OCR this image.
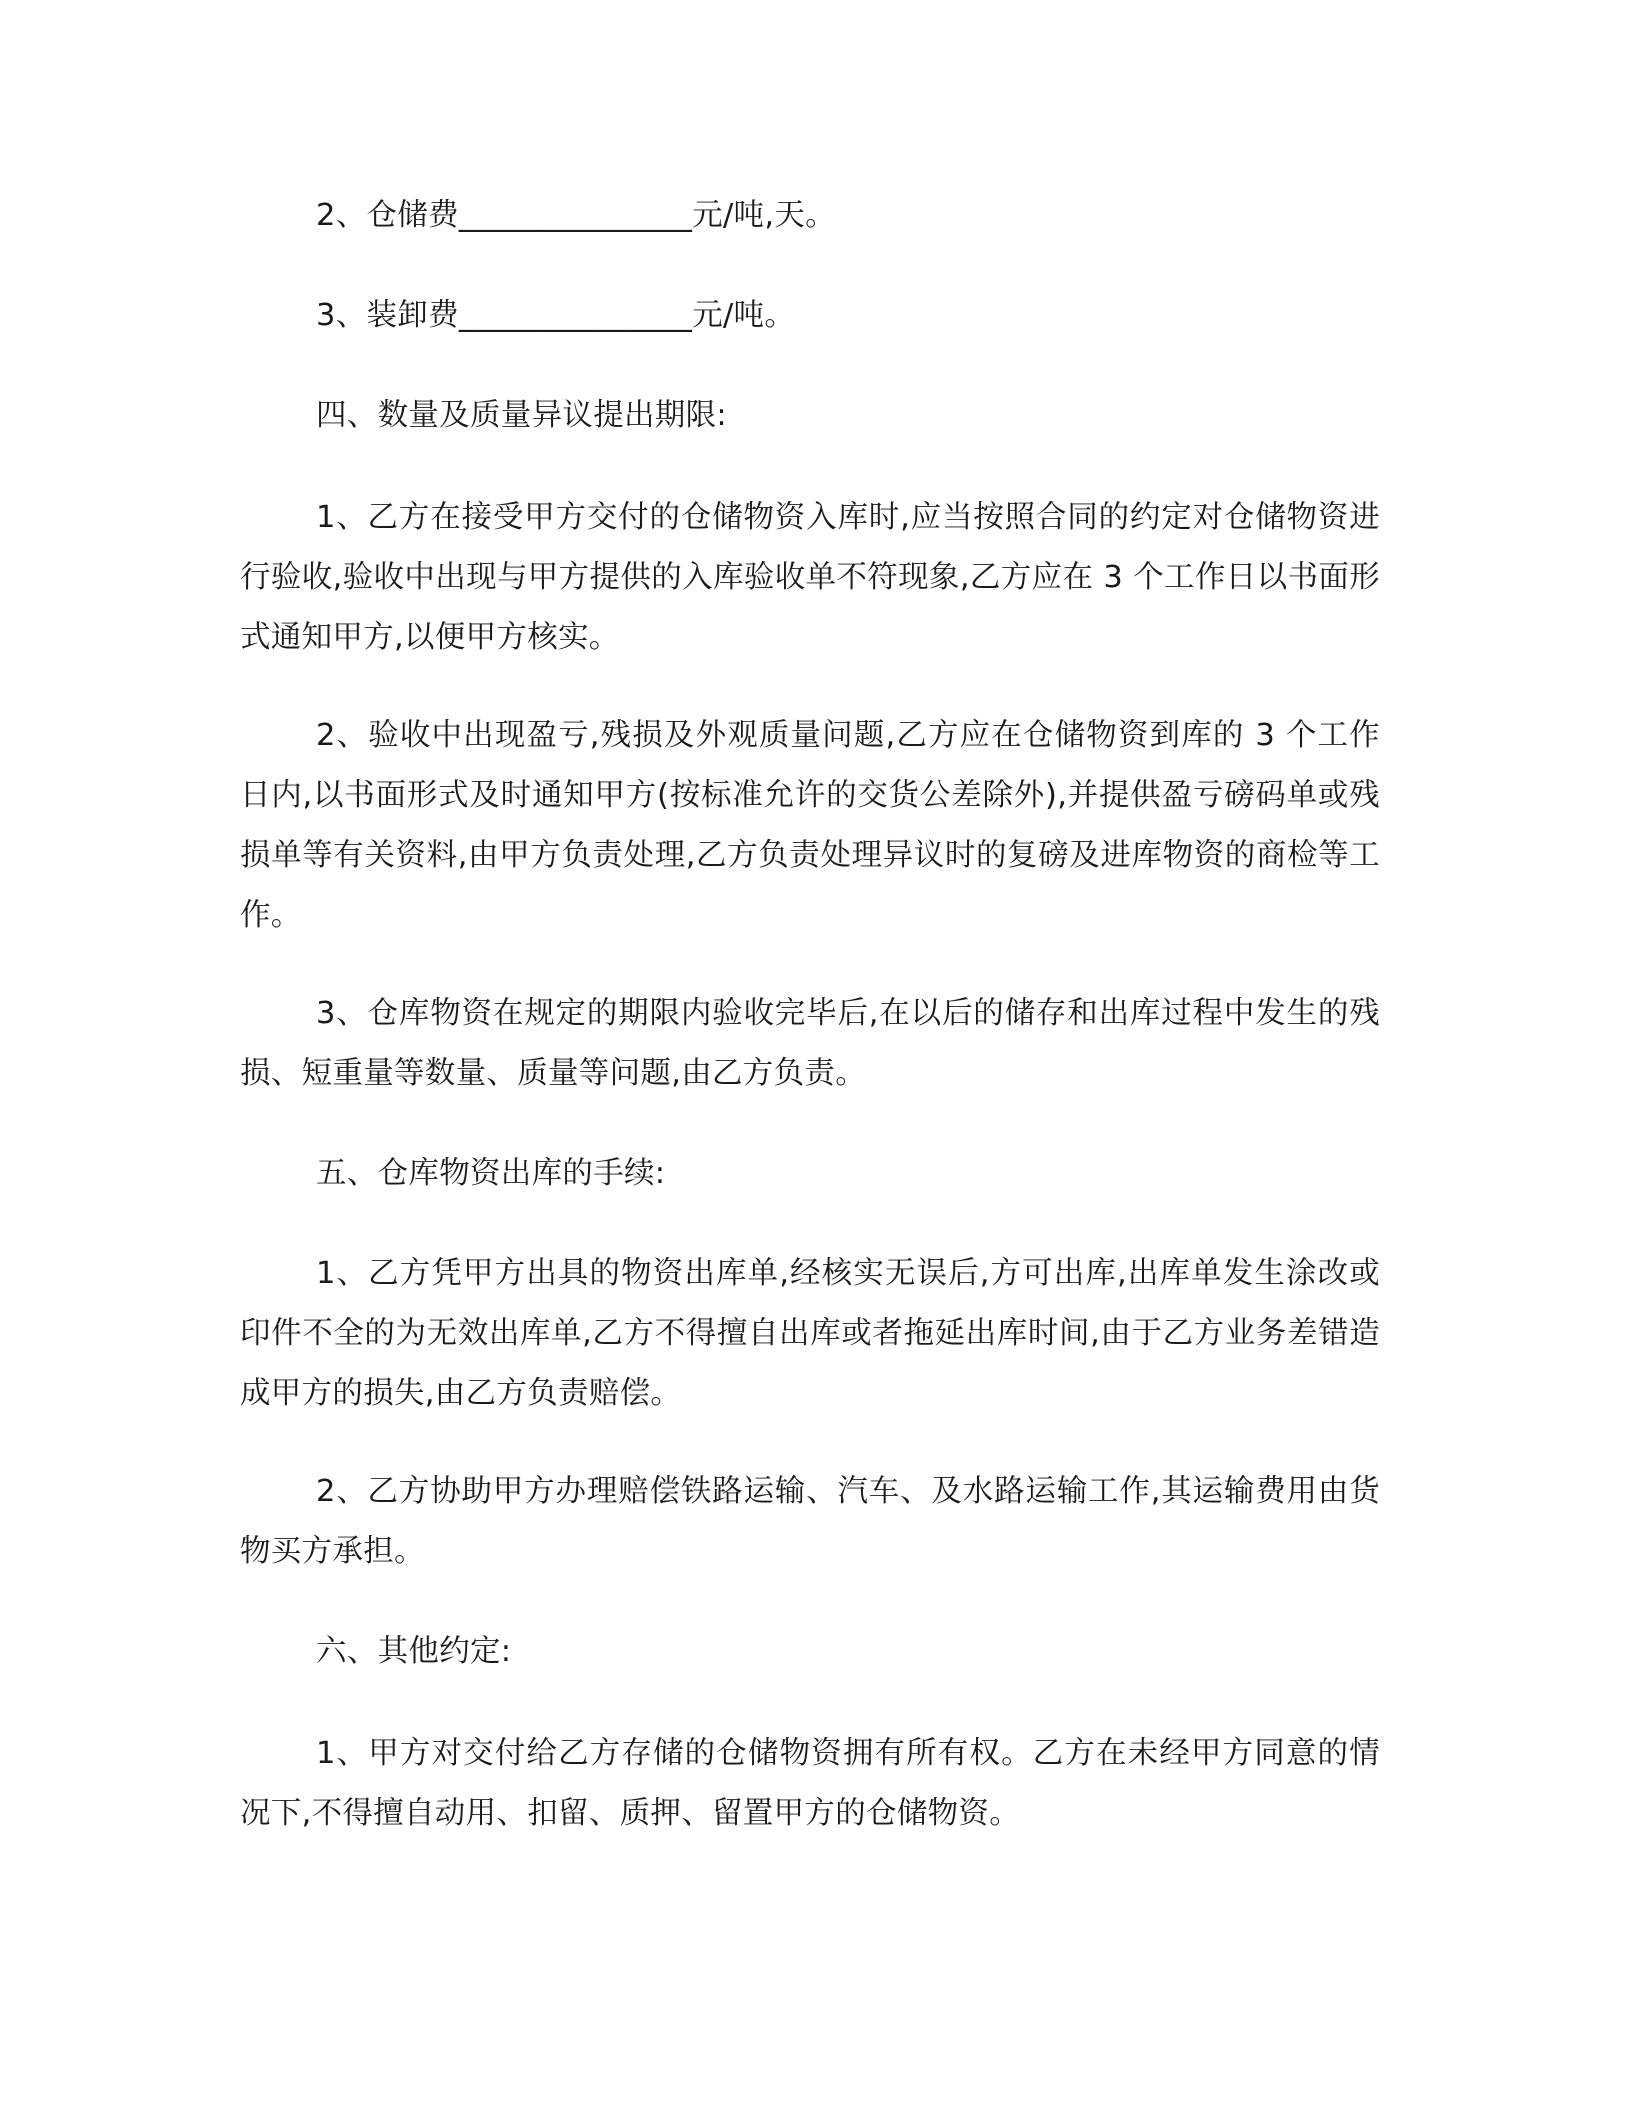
2、仓储费_______________元/吨,天。

3、装卸费_______________元/吨。

四、数量及质量异议提出期限:

1、乙方在接受甲方交付的仓储物资入库时,应当按照合同的约定对仓储物资进行验收,验收中出现与甲方提供的入库验收单不符现象,乙方应在 3 个工作日以书面形式通知甲方,以便甲方核实。

2、验收中出现盈亏,残损及外观质量问题,乙方应在仓储物资到库的 3 个工作日内,以书面形式及时通知甲方(按标准允许的交货公差除外),并提供盈亏磅码单或残损单等有关资料,由甲方负责处理,乙方负责处理异议时的复磅及进库物资的商检等工作。

3、仓库物资在规定的期限内验收完毕后,在以后的储存和出库过程中发生的残损、短重量等数量、质量等问题,由乙方负责。

五、仓库物资出库的手续:

1、乙方凭甲方出具的物资出库单,经核实无误后,方可出库,出库单发生涂改或印件不全的为无效出库单,乙方不得擅自出库或者拖延出库时间,由于乙方业务差错造成甲方的损失,由乙方负责赔偿。

2、乙方协助甲方办理赔偿铁路运输、汽车、及水路运输工作,其运输费用由货物买方承担。

六、其他约定:

1、甲方对交付给乙方存储的仓储物资拥有所有权。乙方在未经甲方同意的情况下,不得擅自动用、扣留、质押、留置甲方的仓储物资。
